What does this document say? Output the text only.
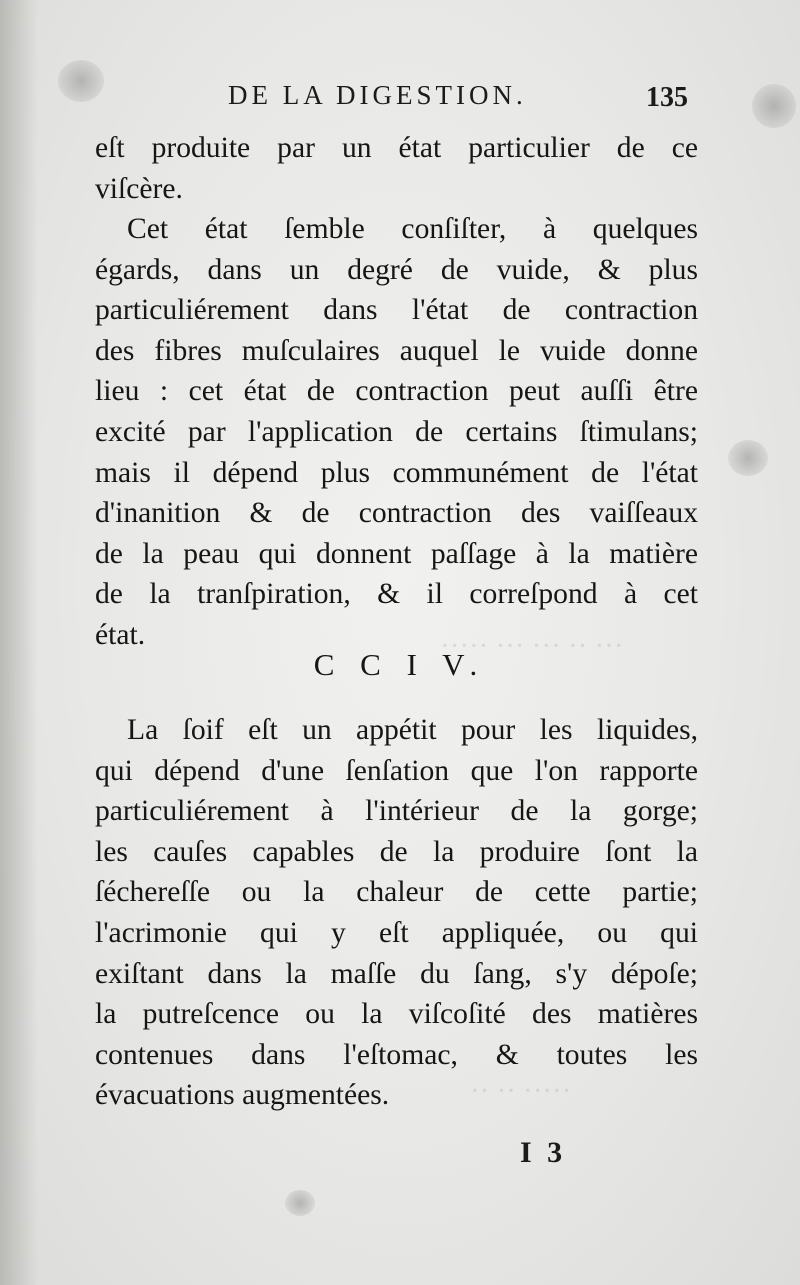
··· ·· ··· ··· ·····
····· ·· ··
DE LA DIGESTION.	135
eſt produite par un état particulier de ce
viſcère.
Cet état ſemble conſiſter, à quelques
égards, dans un degré de vuide, & plus
particuliérement dans l'état de contraction
des fibres muſculaires auquel le vuide donne
lieu : cet état de contraction peut auſſi être
excité par l'application de certains ſtimulans;
mais il dépend plus communément de l'état
d'inanition & de contraction des vaiſſeaux
de la peau qui donnent paſſage à la matière
de la tranſpiration, & il correſpond à cet
état.
C C I V.
La ſoif eſt un appétit pour les liquides,
qui dépend d'une ſenſation que l'on rapporte
particuliérement à l'intérieur de la gorge;
les cauſes capables de la produire ſont la
ſéchereſſe ou la chaleur de cette partie;
l'acrimonie qui y eſt appliquée, ou qui
exiſtant dans la maſſe du ſang, s'y dépoſe;
la putreſcence ou la viſcoſité des matières
contenues dans l'eſtomac, & toutes les
évacuations augmentées.
I 3
